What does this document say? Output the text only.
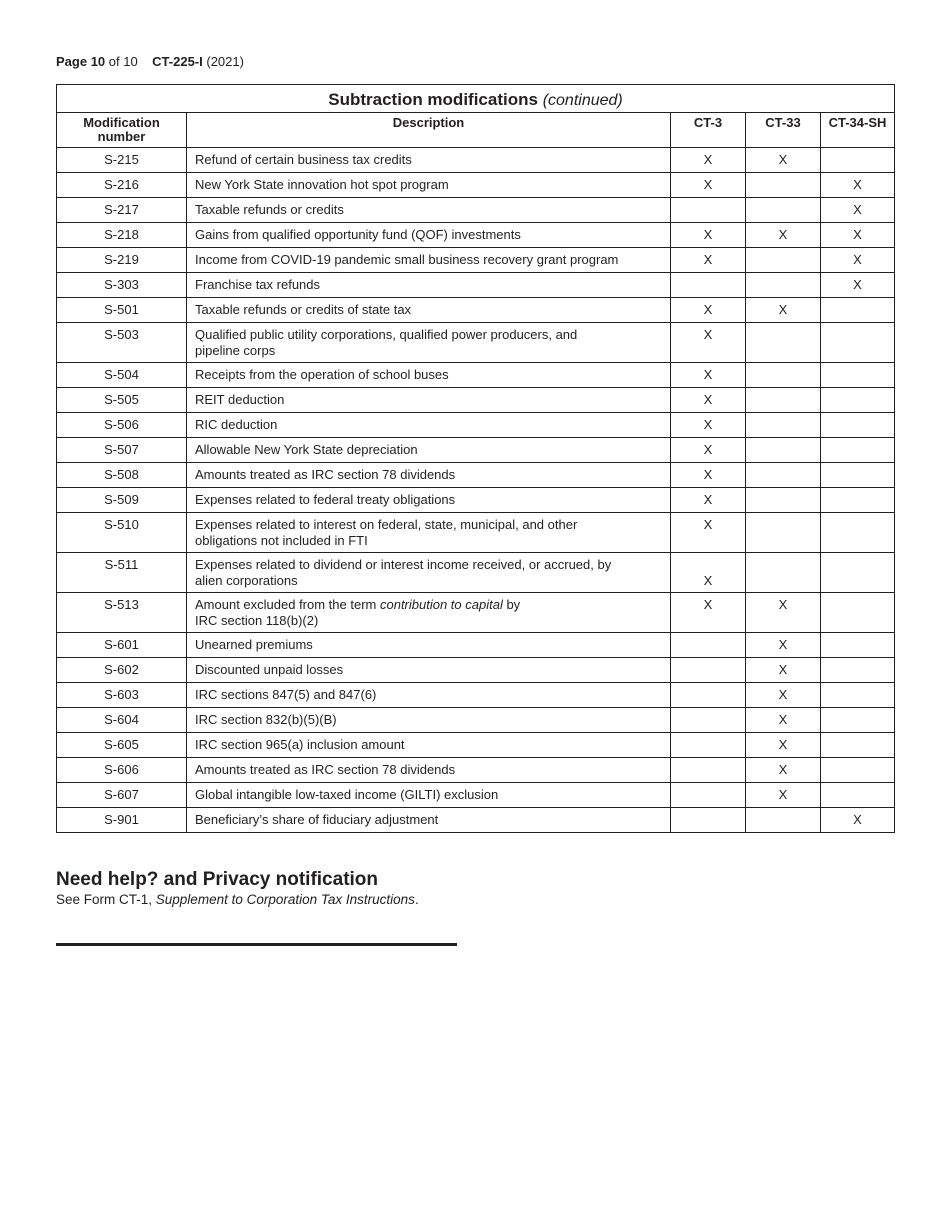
Page 10 of 10 CT-225-I (2021)
Subtraction modifications (continued)				
Modification number	Description	CT-3	CT-33	CT-34-SH
S-215	Refund of certain business tax credits	X	X	
S-216	New York State innovation hot spot program	X		X
S-217	Taxable refunds or credits			X
S-218	Gains from qualified opportunity fund (QOF) investments	X	X	X
S-219	Income from COVID-19 pandemic small business recovery grant program	X		X
S-303	Franchise tax refunds			X
S-501	Taxable refunds or credits of state tax	X	X	
S-503	Qualified public utility corporations, qualified power producers, and
pipeline corps	X		
S-504	Receipts from the operation of school buses	X		
S-505	REIT deduction	X		
S-506	RIC deduction	X		
S-507	Allowable New York State depreciation	X		
S-508	Amounts treated as IRC section 78 dividends	X		
S-509	Expenses related to federal treaty obligations	X		
S-510	Expenses related to interest on federal, state, municipal, and other
obligations not included in FTI	X		
S-511	Expenses related to dividend or interest income received, or accrued, by
alien corporations	X		
S-513	Amount excluded from the term contribution to capital by
IRC section 118(b)(2)	X	X	
S-601	Unearned premiums		X	
S-602	Discounted unpaid losses		X	
S-603	IRC sections 847(5) and 847(6)		X	
S-604	IRC section 832(b)(5)(B)		X	
S-605	IRC section 965(a) inclusion amount		X	
S-606	Amounts treated as IRC section 78 dividends		X	
S-607	Global intangible low-taxed income (GILTI) exclusion		X	
S-901	Beneficiary’s share of fiduciary adjustment			X
Need help? and Privacy notification

See Form CT-1, Supplement to Corporation Tax Instructions.
